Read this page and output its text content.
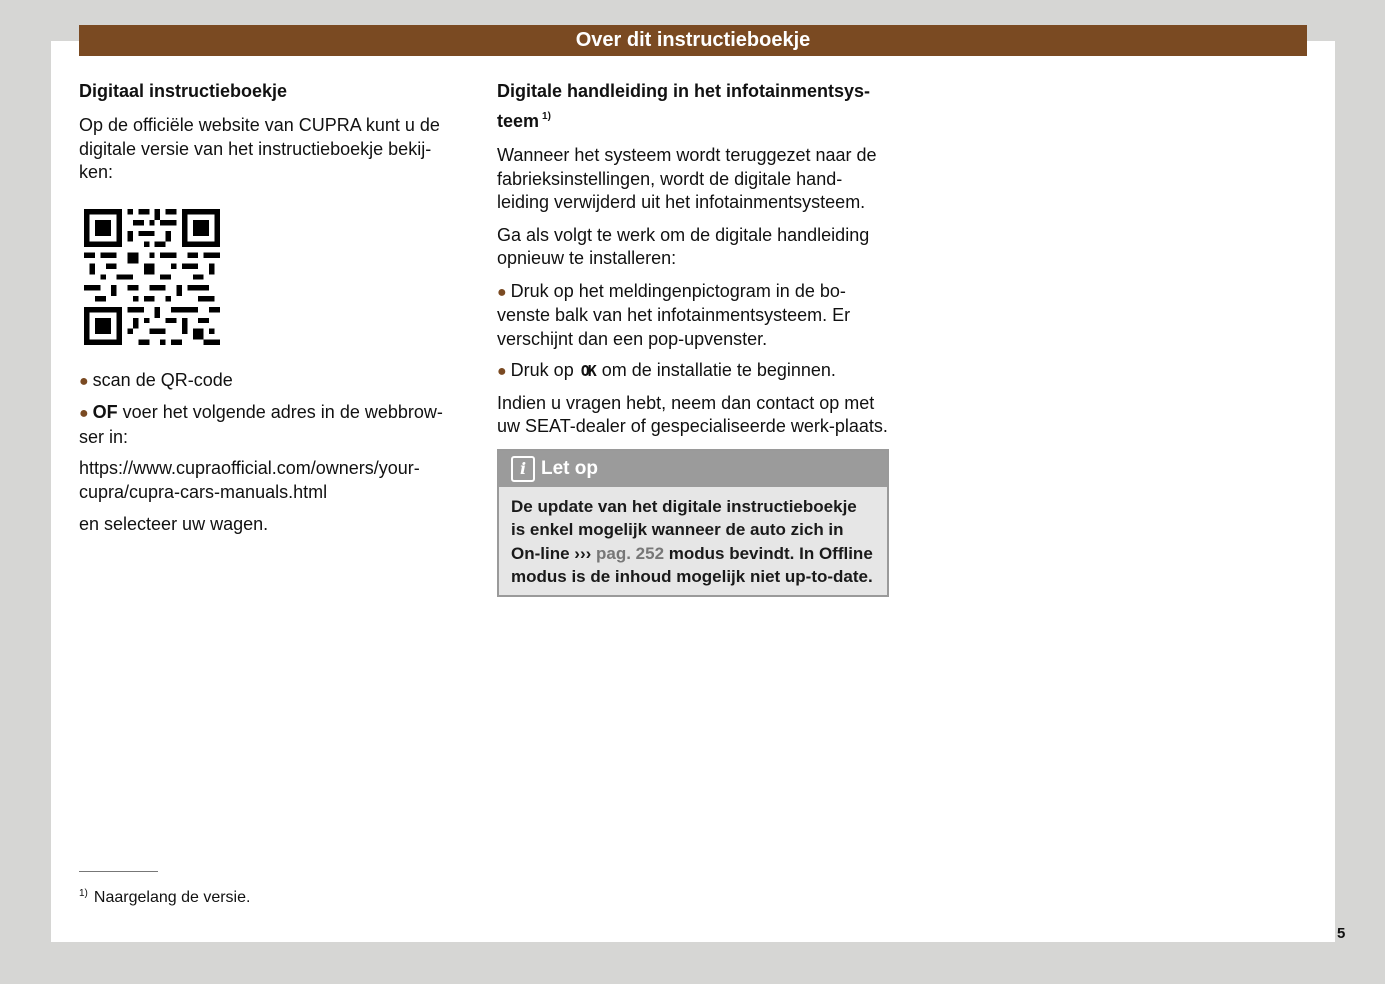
Over dit instructieboekje
Digitaal instructieboekje

Op de officiële website van CUPRA kunt u de digitale versie van het instructieboekje bekij-ken:

● scan de QR-code

● OF voer het volgende adres in de webbrow-ser in:

https://www.cupraofficial.com/owners/your-cupra/cupra-cars-manuals.html

en selecteer uw wagen.

Digitale handleiding in het infotainmentsys-teem $^{1)}$

Wanneer het systeem wordt teruggezet naar de fabrieksinstellingen, wordt de digitale hand-leiding verwijderd uit het infotainmentsysteem.

Ga als volgt te werk om de digitale handleiding opnieuw te installeren:

● Druk op het meldingenpictogram in de bo-venste balk van het infotainmentsysteem. Er verschijnt dan een pop-upvenster.

● Druk op OK om de installatie te beginnen.

Indien u vragen hebt, neem dan contact op met uw SEAT-dealer of gespecialiseerde werk-plaats.

i Let op
De update van het digitale instructieboekje is enkel mogelijk wanneer de auto zich in On-line ››› pag. 252 modus bevindt. In Offline modus is de inhoud mogelijk niet up-to-date.
$^{1)}$ Naargelang de versie.
5
